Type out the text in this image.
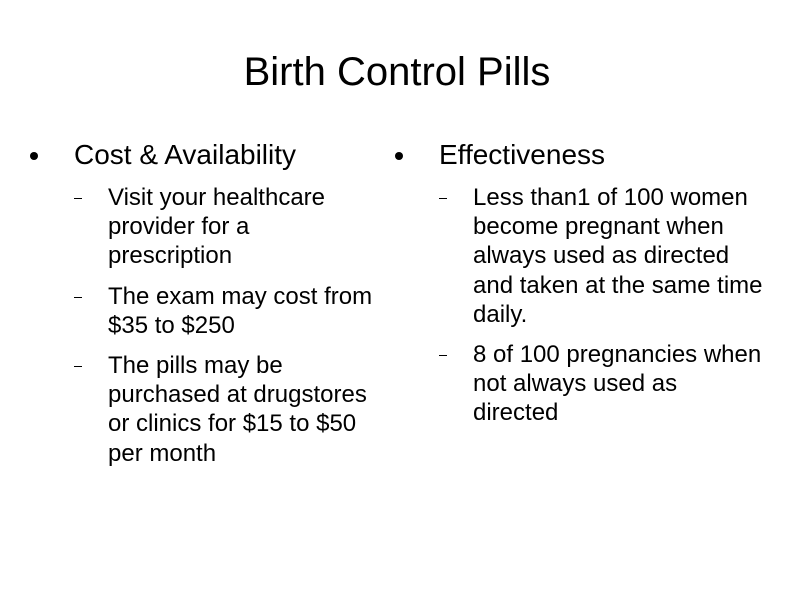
Birth Control Pills
Cost & Availability
Visit your healthcare provider for a prescription
The exam may cost from $35 to $250
The pills may be purchased at drugstores or clinics for $15 to $50 per month
Effectiveness
Less than1 of 100 women become pregnant when always used as directed and taken at the same time daily.
8 of 100 pregnancies when not always used as directed
